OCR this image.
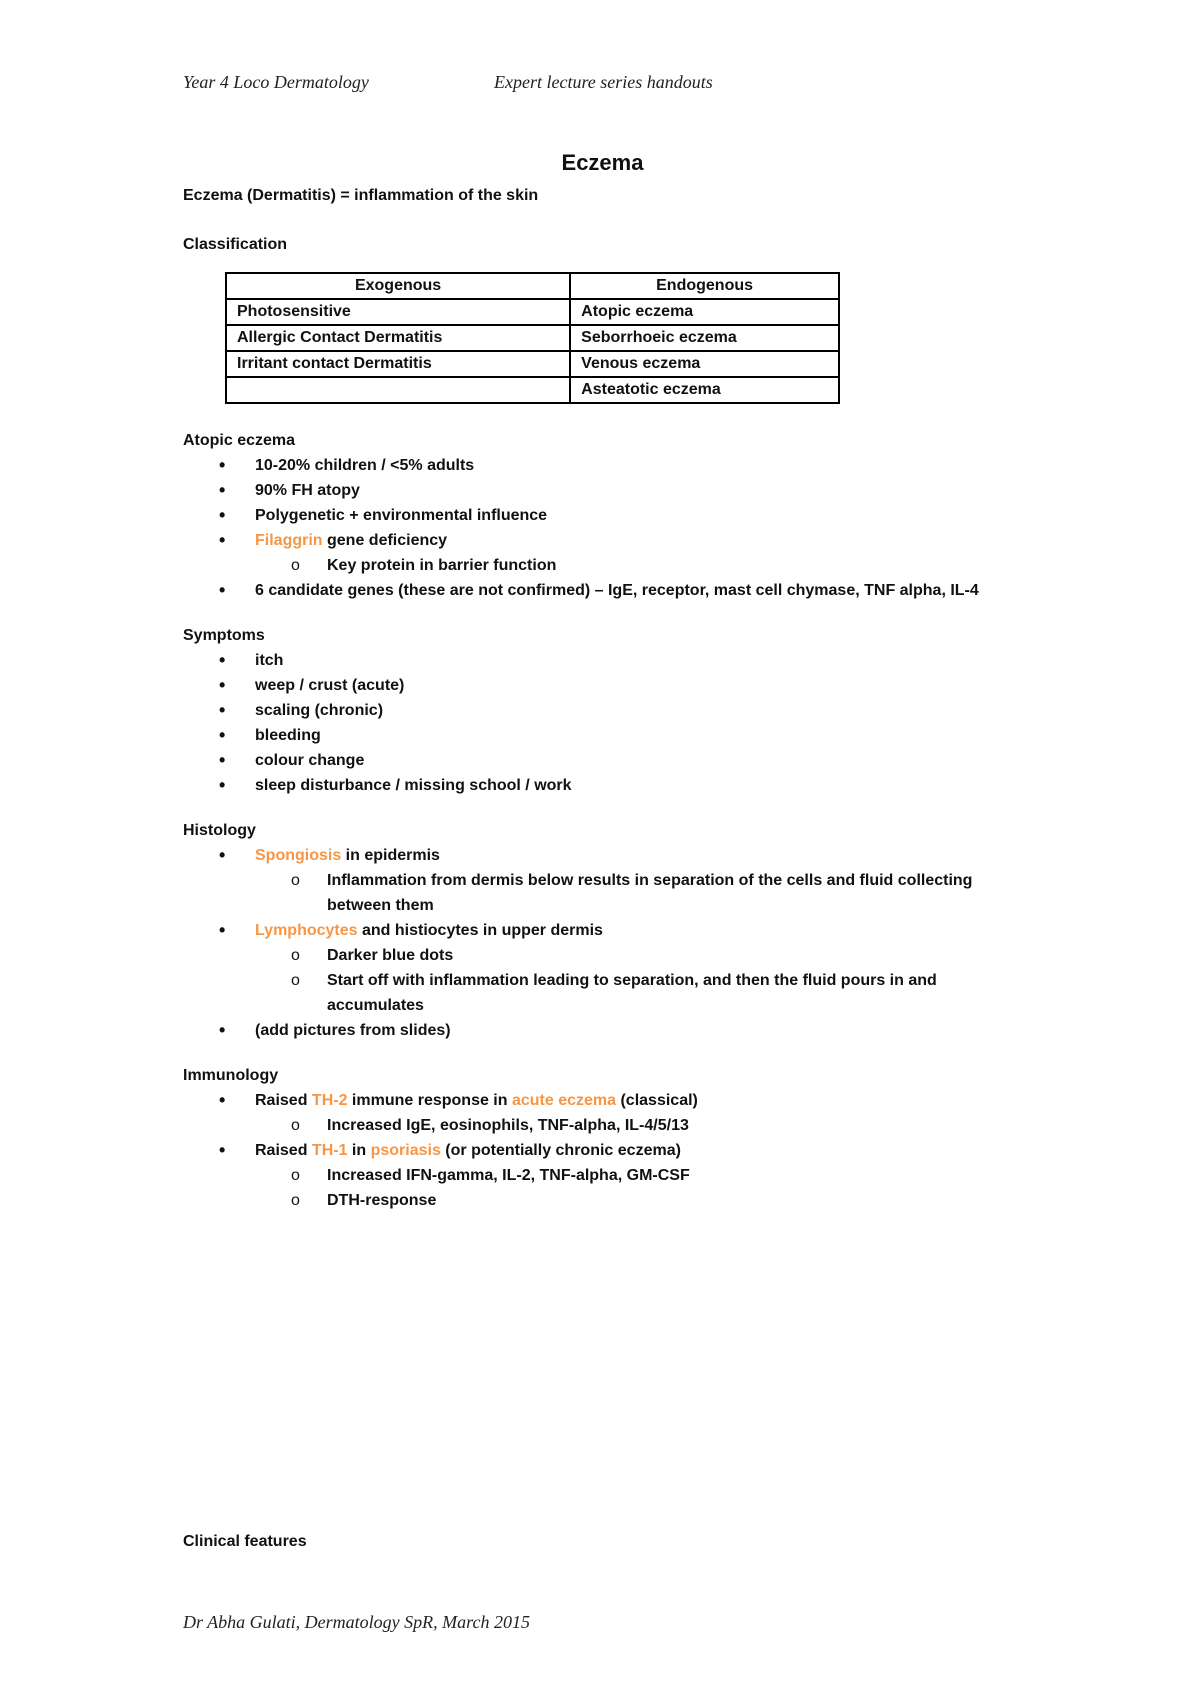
Year 4 Loco Dermatology	Expert lecture series handouts
Eczema

Eczema (Dermatitis) = inflammation of the skin

Classification

Exogenous	Endogenous
Photosensitive	Atopic eczema
Allergic Contact Dermatitis	Seborrhoeic eczema
Irritant contact Dermatitis	Venous eczema
	Asteatotic eczema

Atopic eczema

• 10-20% children / <5% adults
• 90% FH atopy
• Polygenetic + environmental influence
• Filaggrin gene deficiency
o Key protein in barrier function
• 6 candidate genes (these are not confirmed) – IgE, receptor, mast cell chymase, TNF alpha, IL-4

Symptoms

• itch
• weep / crust (acute)
• scaling (chronic)
• bleeding
• colour change
• sleep disturbance / missing school / work

Histology

• Spongiosis in epidermis
o Inflammation from dermis below results in separation of the cells and fluid collecting between them
• Lymphocytes and histiocytes in upper dermis
o Darker blue dots
o Start off with inflammation leading to separation, and then the fluid pours in and accumulates
• (add pictures from slides)

Immunology

• Raised TH-2 immune response in acute eczema (classical)
o Increased IgE, eosinophils, TNF-alpha, IL-4/5/13
• Raised TH-1 in psoriasis (or potentially chronic eczema)
o Increased IFN-gamma, IL-2, TNF-alpha, GM-CSF
o DTH-response
Clinical features
Dr Abha Gulati, Dermatology SpR, March 2015
